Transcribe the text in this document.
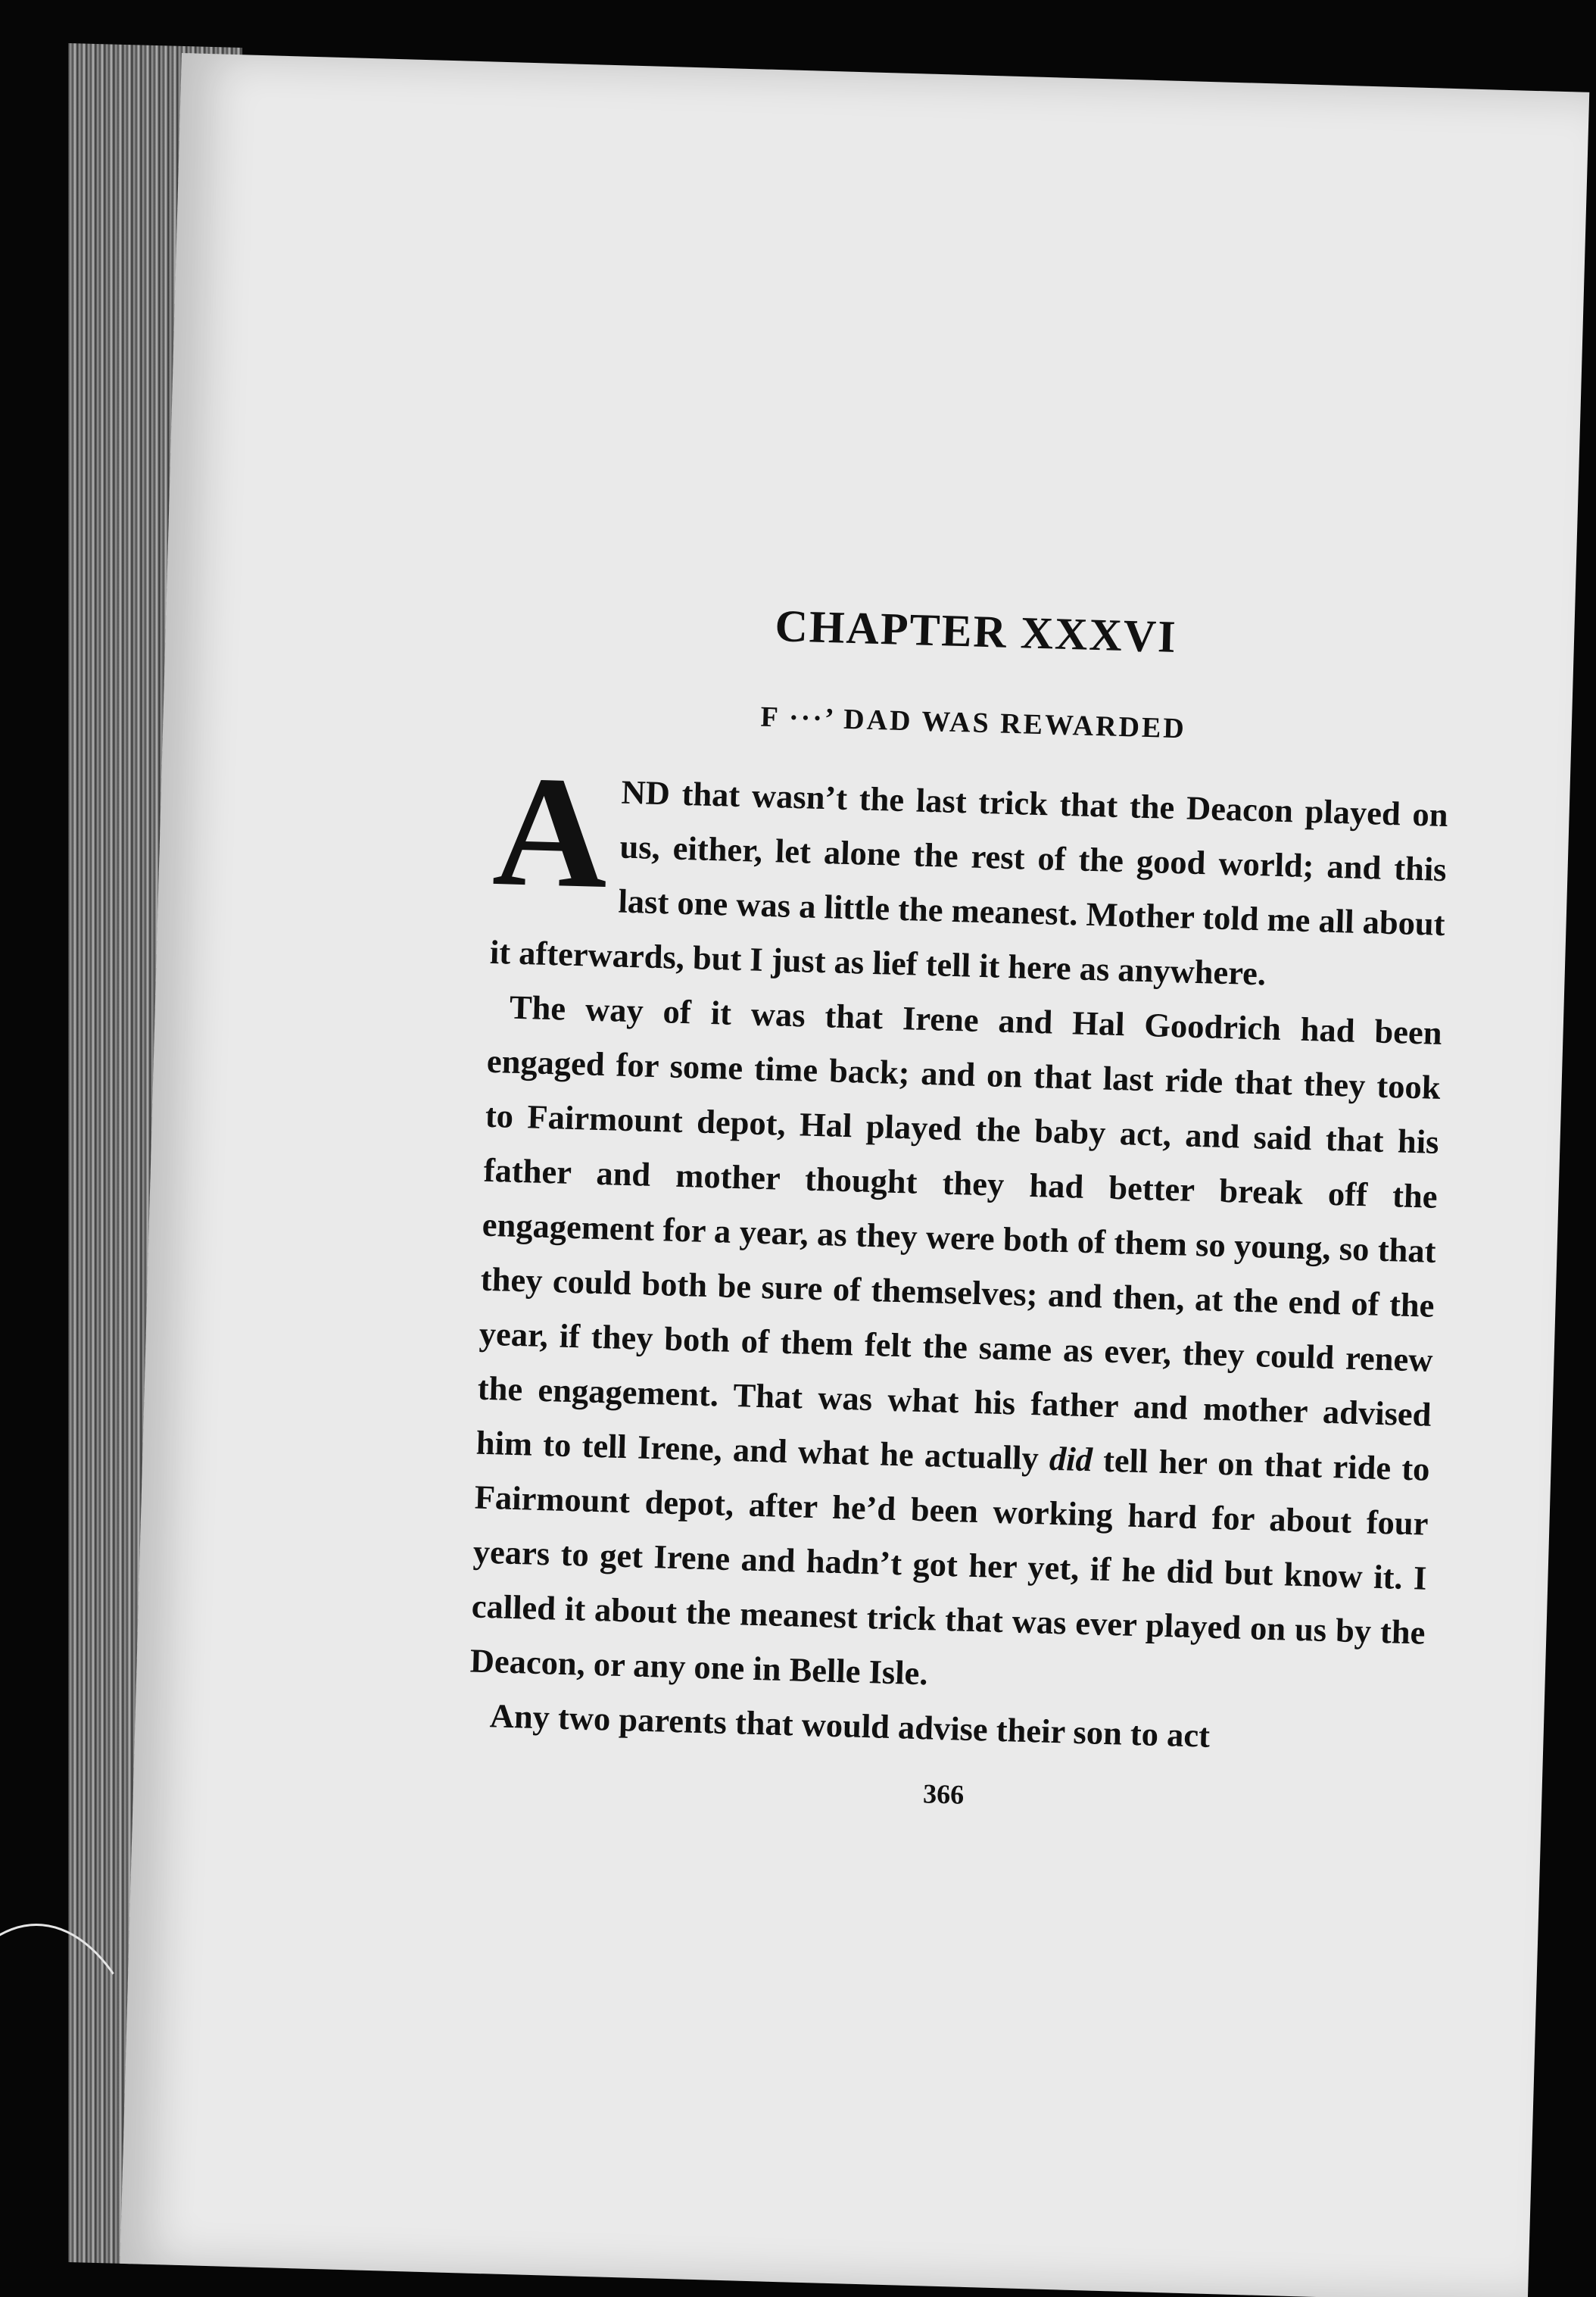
CHAPTER XXXVI
F ···’ DAD WAS REWARDED

AND that wasn’t the last trick that the Deacon played on us, either, let alone the rest of the good world; and this last one was a little the meanest. Mother told me all about it afterwards, but I just as lief tell it here as anywhere.

The way of it was that Irene and Hal Goodrich had been engaged for some time back; and on that last ride that they took to Fairmount depot, Hal played the baby act, and said that his father and mother thought they had better break off the engagement for a year, as they were both of them so young, so that they could both be sure of themselves; and then, at the end of the year, if they both of them felt the same as ever, they could renew the engagement. That was what his father and mother advised him to tell Irene, and what he actually did tell her on that ride to Fairmount depot, after he’d been working hard for about four years to get Irene and hadn’t got her yet, if he did but know it. I called it about the meanest trick that was ever played on us by the Deacon, or any one in Belle Isle.

Any two parents that would advise their son to act

366
